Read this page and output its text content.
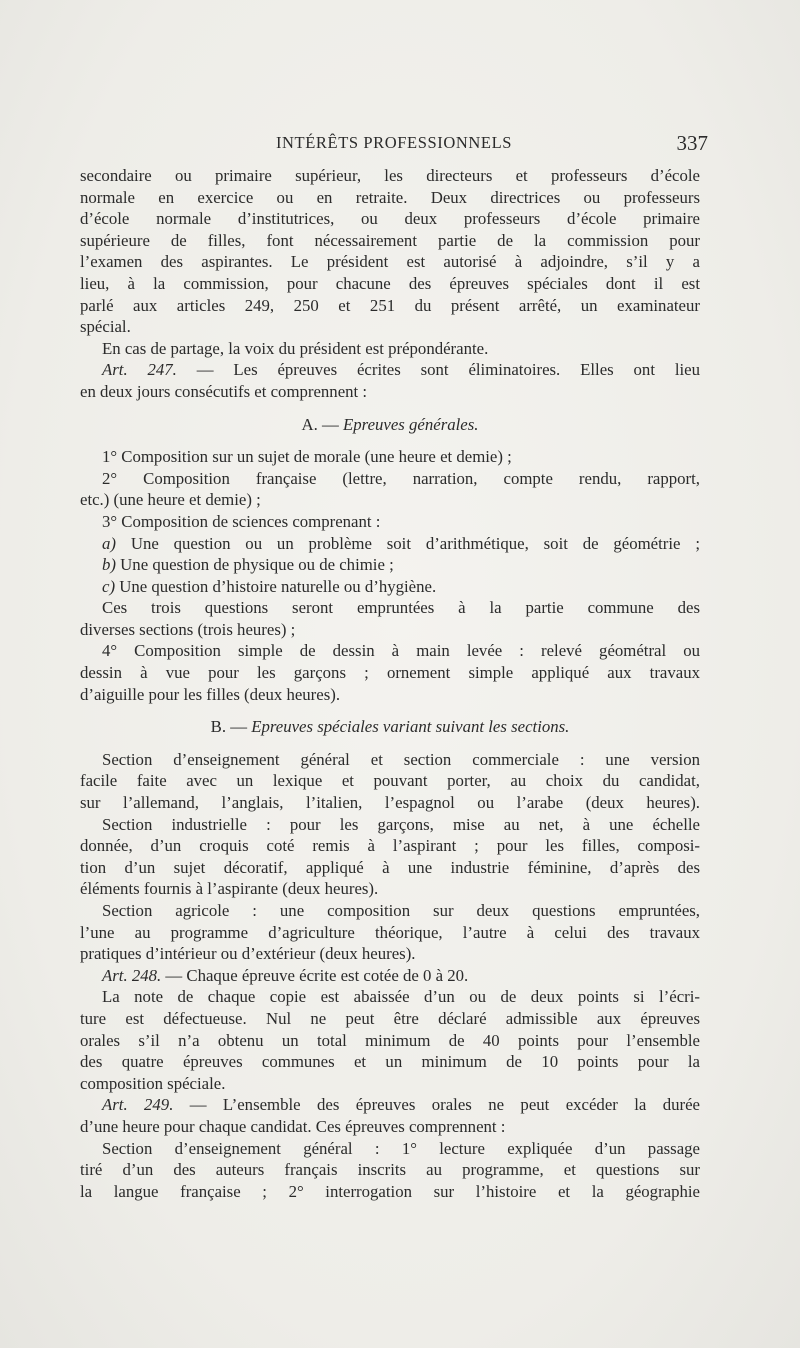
INTÉRÊTS PROFESSIONNELS	337
secondaire ou primaire supérieur, les directeurs et professeurs d’école
normale en exercice ou en retraite. Deux directrices ou professeurs
d’école normale d’institutrices, ou deux professeurs d’école primaire
supérieure de filles, font nécessairement partie de la commission pour
l’examen des aspirantes. Le président est autorisé à adjoindre, s’il y a
lieu, à la commission, pour chacune des épreuves spéciales dont il est
parlé aux articles 249, 250 et 251 du présent arrêté, un examinateur
spécial.
En cas de partage, la voix du président est prépondérante.
Art. 247. — Les épreuves écrites sont éliminatoires. Elles ont lieu
en deux jours consécutifs et comprennent :
A. — Epreuves générales.
1° Composition sur un sujet de morale (une heure et demie) ;
2° Composition française (lettre, narration, compte rendu, rapport,
etc.) (une heure et demie) ;
3° Composition de sciences comprenant :
a) Une question ou un problème soit d’arithmétique, soit de géométrie ;
b) Une question de physique ou de chimie ;
c) Une question d’histoire naturelle ou d’hygiène.
Ces trois questions seront empruntées à la partie commune des
diverses sections (trois heures) ;
4° Composition simple de dessin à main levée : relevé géométral ou
dessin à vue pour les garçons ; ornement simple appliqué aux travaux
d’aiguille pour les filles (deux heures).
B. — Epreuves spéciales variant suivant les sections.
Section d’enseignement général et section commerciale : une version
facile faite avec un lexique et pouvant porter, au choix du candidat,
sur l’allemand, l’anglais, l’italien, l’espagnol ou l’arabe (deux heures).
Section industrielle : pour les garçons, mise au net, à une échelle
donnée, d’un croquis coté remis à l’aspirant ; pour les filles, composi-
tion d’un sujet décoratif, appliqué à une industrie féminine, d’après des
éléments fournis à l’aspirante (deux heures).
Section agricole : une composition sur deux questions empruntées,
l’une au programme d’agriculture théorique, l’autre à celui des travaux
pratiques d’intérieur ou d’extérieur (deux heures).
Art. 248. — Chaque épreuve écrite est cotée de 0 à 20.
La note de chaque copie est abaissée d’un ou de deux points si l’écri-
ture est défectueuse. Nul ne peut être déclaré admissible aux épreuves
orales s’il n’a obtenu un total minimum de 40 points pour l’ensemble
des quatre épreuves communes et un minimum de 10 points pour la
composition spéciale.
Art. 249. — L’ensemble des épreuves orales ne peut excéder la durée
d’une heure pour chaque candidat. Ces épreuves comprennent :
Section d’enseignement général : 1° lecture expliquée d’un passage
tiré d’un des auteurs français inscrits au programme, et questions sur
la langue française ; 2° interrogation sur l’histoire et la géographie
